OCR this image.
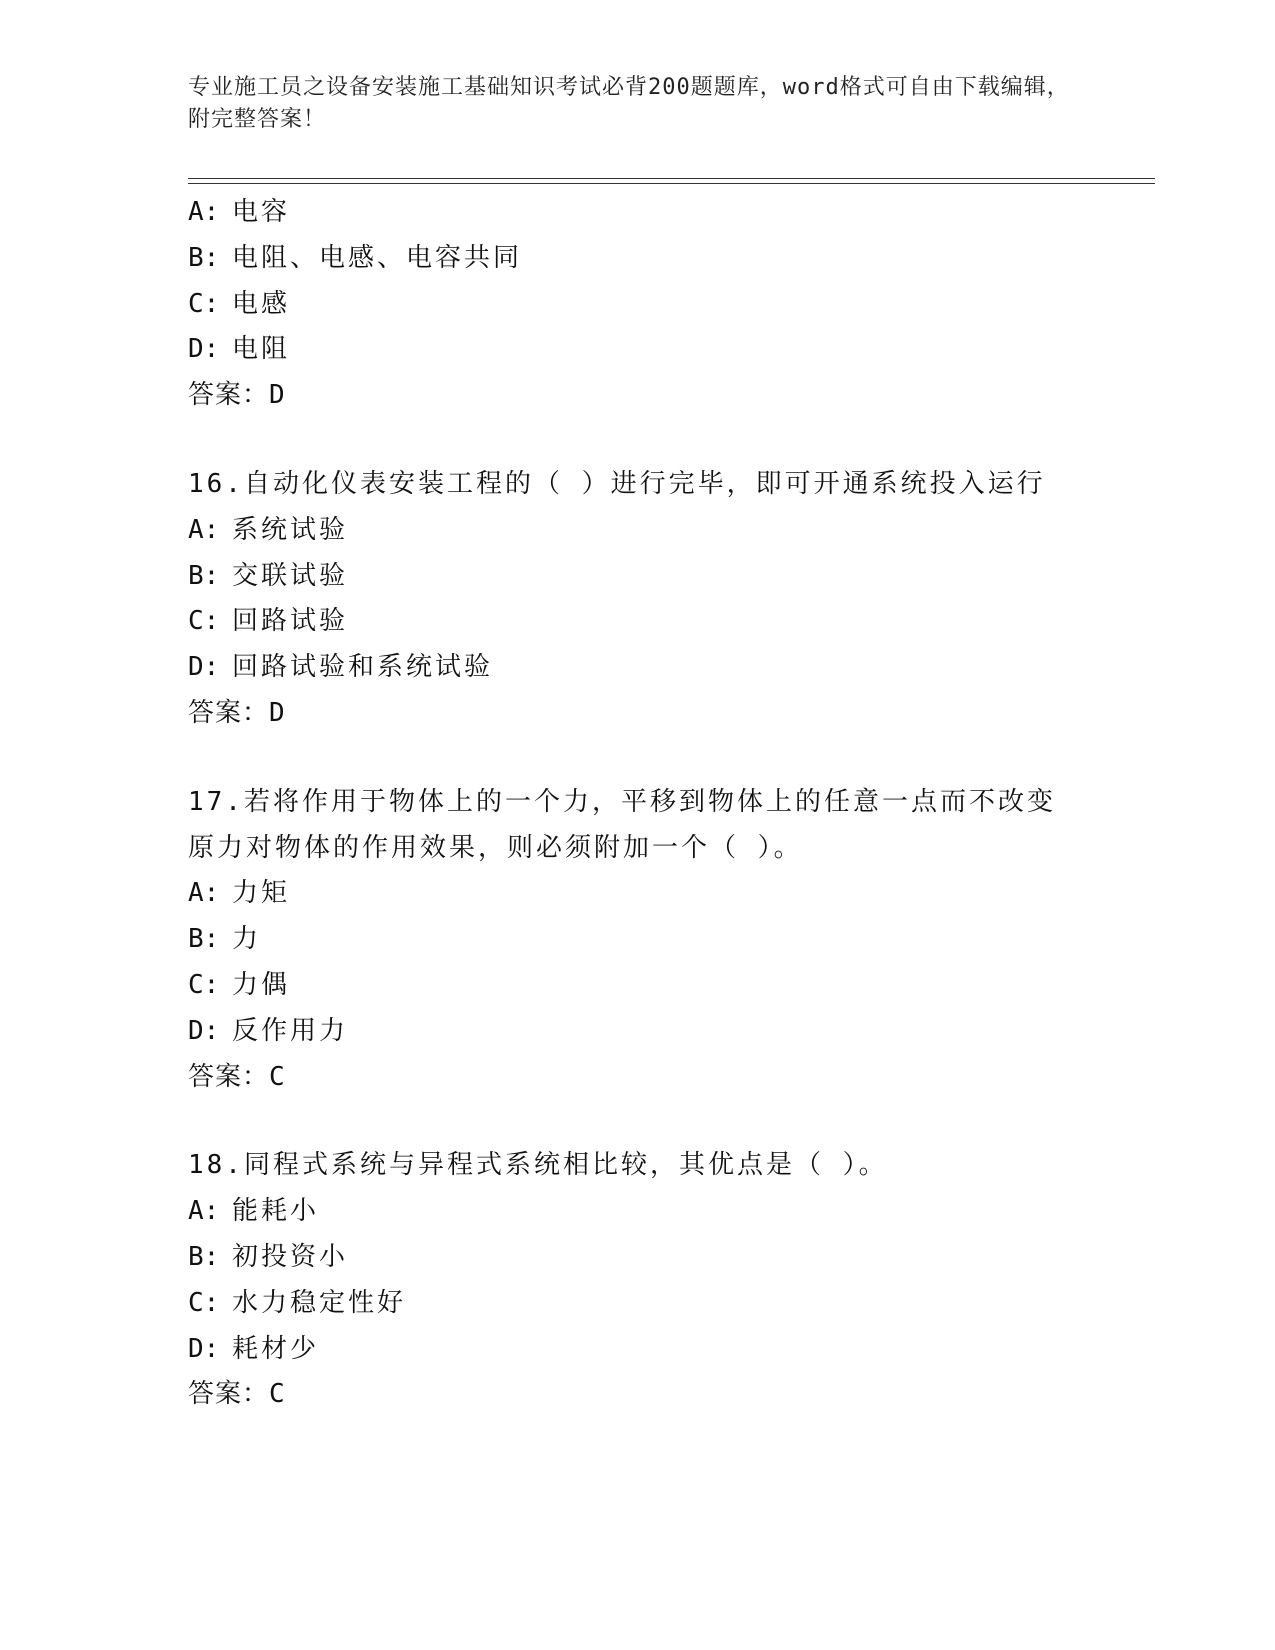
专业施工员之设备安装施工基础知识考试必背200题题库，word格式可自由下载编辑，附完整答案！
A: 电容
B: 电阻、电感、电容共同
C: 电感
D: 电阻
答案：D
16.自动化仪表安装工程的（ ）进行完毕，即可开通系统投入运行
A: 系统试验
B: 交联试验
C: 回路试验
D: 回路试验和系统试验
答案：D
17.若将作用于物体上的一个力，平移到物体上的任意一点而不改变原力对物体的作用效果，则必须附加一个（ ）。
A: 力矩
B: 力
C: 力偶
D: 反作用力
答案：C
18.同程式系统与异程式系统相比较，其优点是（ ）。
A: 能耗小
B: 初投资小
C: 水力稳定性好
D: 耗材少
答案：C
